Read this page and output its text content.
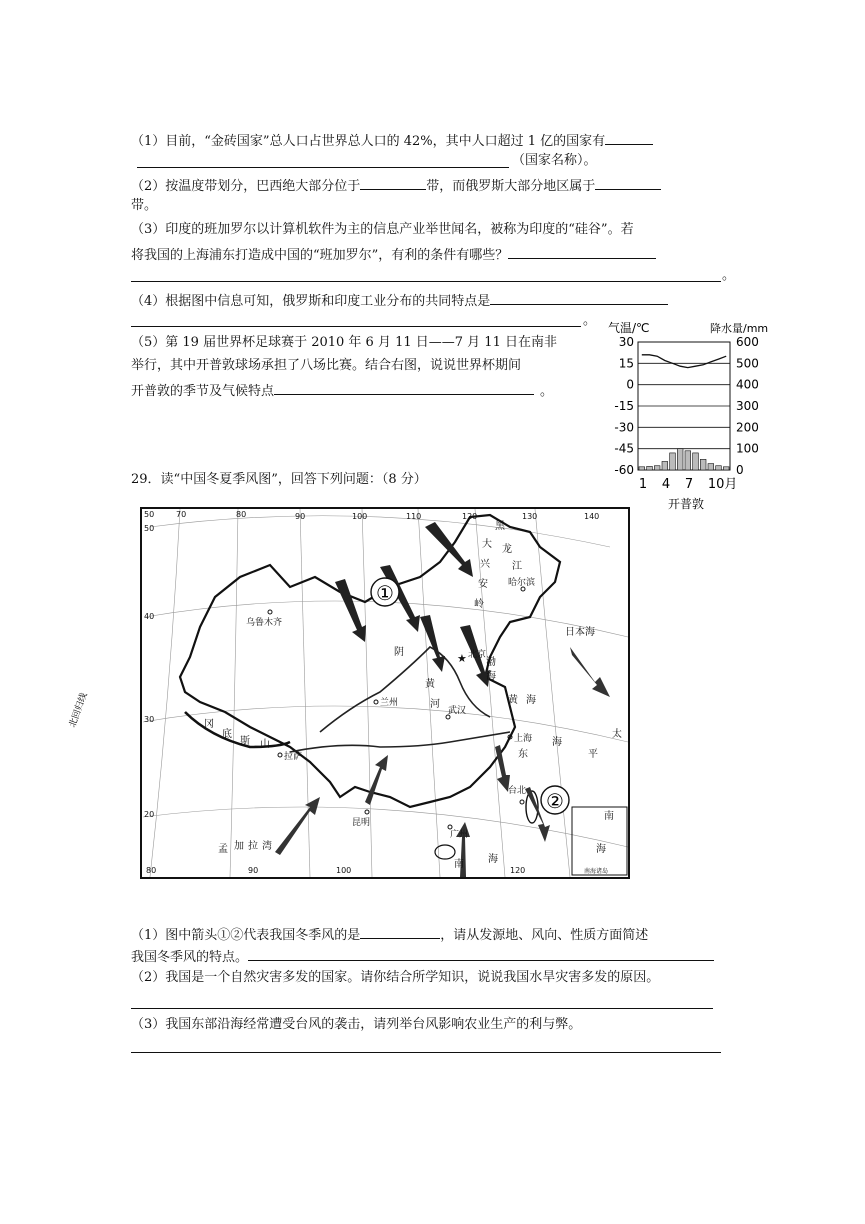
（1）目前，“金砖国家”总人口占世界总人口的 42%，其中人口超过 1 亿的国家有
（国家名称）。
（2）按温度带划分，巴西绝大部分位于	带，而俄罗斯大部分地区属于
带。
（3）印度的班加罗尔以计算机软件为主的信息产业举世闻名，被称为印度的“硅谷”。若
将我国的上海浦东打造成中国的“班加罗尔”，有利的条件有哪些？
。
（4）根据图中信息可知，俄罗斯和印度工业分布的共同特点是
。
（5）第 19 届世界杯足球赛于 2010 年 6 月 11 日——7 月 11 日在南非
举行，其中开普敦球场承担了八场比赛。结合右图，说说世界杯期间
开普敦的季节及气候特点	。
气温/℃	降水量/mm
30
15
0
-15
-30
-45
-60
600
500
400
300
200
100
0
1 4 7 10月
开普敦
29．读“中国冬夏季风图”，回答下列问题：（8 分）
①
②
50	70	80	90	100	110	120	130	140
80	90	100	120
50
40
30
20
北回归线
乌鲁木齐
哈尔滨
★ 北京
兰州
武汉
上海
拉萨
昆明
广州
台北
黑
龙
江
大
兴
安
岭
阴
黄
河
渤
海
冈
底
斯 山
黄 海
东
海
日本海
太
平
南
海
孟 加 拉 湾
南 海
南海诸岛
（1）图中箭头①②代表我国冬季风的是	，请从发源地、风向、性质方面简述
我国冬季风的特点。
（2）我国是一个自然灾害多发的国家。请你结合所学知识，说说我国水旱灾害多发的原因。
（3）我国东部沿海经常遭受台风的袭击，请列举台风影响农业生产的利与弊。
